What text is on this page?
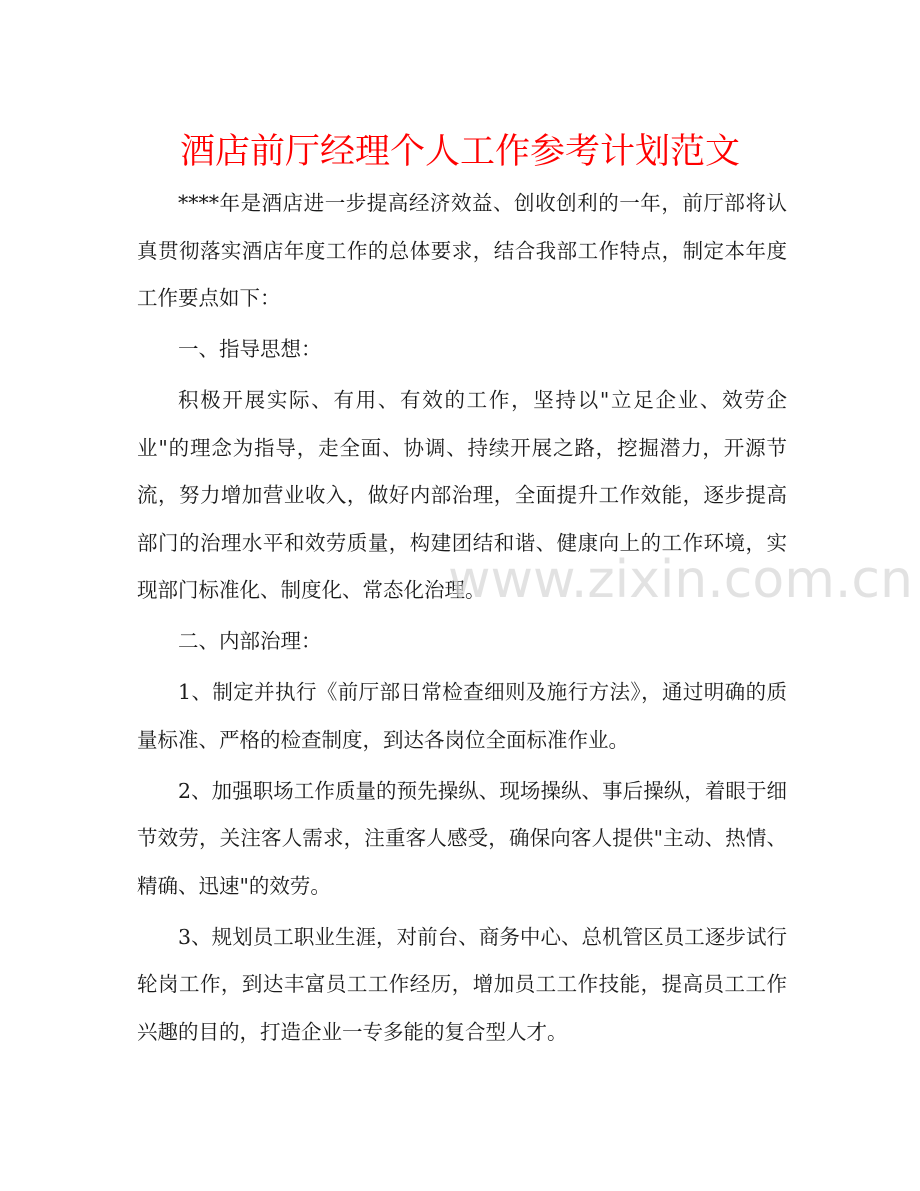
酒店前厅经理个人工作参考计划范文

****年是酒店进一步提高经济效益、创收创利的一年，前厅部将认真贯彻落实酒店年度工作的总体要求，结合我部工作特点，制定本年度工作要点如下：

一、指导思想：

积极开展实际、有用、有效的工作，坚持以"立足企业、效劳企业"的理念为指导，走全面、协调、持续开展之路，挖掘潜力，开源节流，努力增加营业收入，做好内部治理，全面提升工作效能，逐步提高部门的治理水平和效劳质量，构建团结和谐、健康向上的工作环境，实现部门标准化、制度化、常态化治理。

二、内部治理：

1、制定并执行《前厅部日常检查细则及施行方法》，通过明确的质量标准、严格的检查制度，到达各岗位全面标准作业。

2、加强职场工作质量的预先操纵、现场操纵、事后操纵，着眼于细节效劳，关注客人需求，注重客人感受，确保向客人提供"主动、热情、精确、迅速"的效劳。

3、规划员工职业生涯，对前台、商务中心、总机管区员工逐步试行轮岗工作，到达丰富员工工作经历，增加员工工作技能，提高员工工作兴趣的目的，打造企业一专多能的复合型人才。

www.zixin.com.cn
